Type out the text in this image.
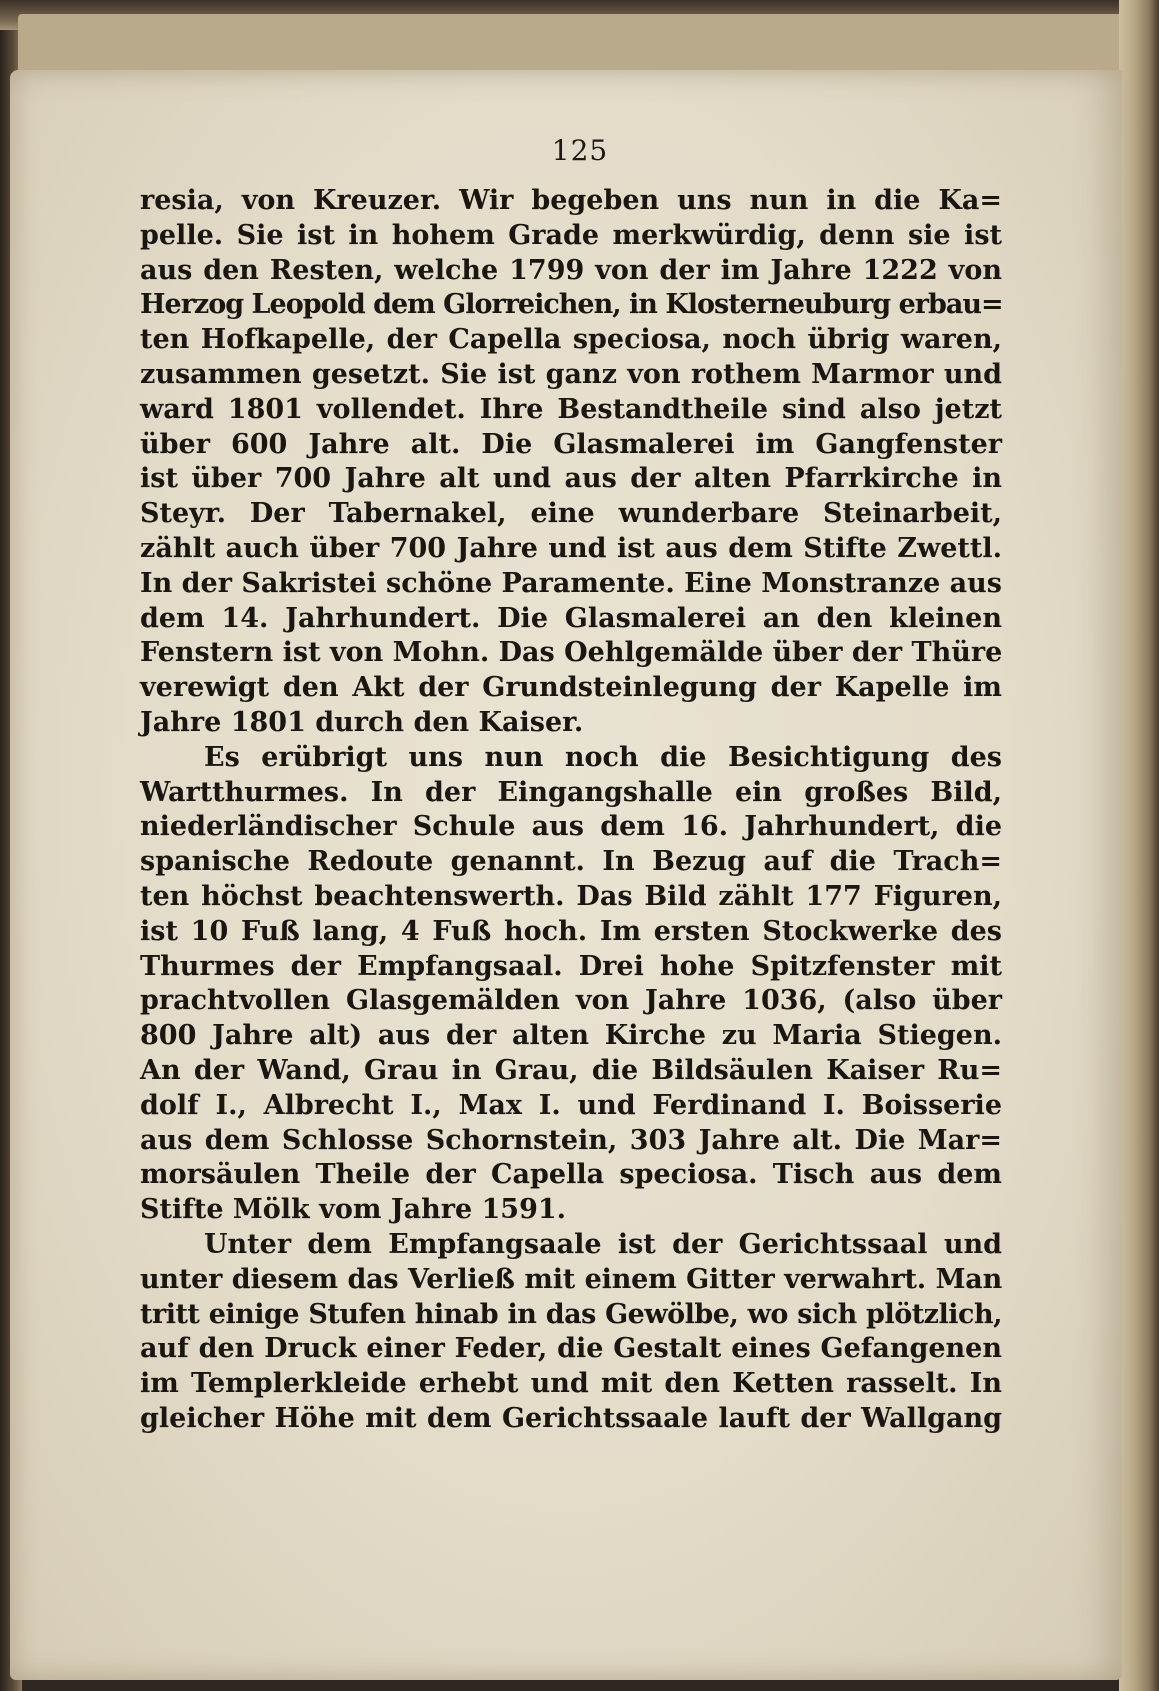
125
resia, von Kreuzer. Wir begeben uns nun in die Ka=
pelle. Sie ist in hohem Grade merkwürdig, denn sie ist
aus den Resten, welche 1799 von der im Jahre 1222 von
Herzog Leopold dem Glorreichen, in Klosterneuburg erbau=
ten Hofkapelle, der Capella speciosa, noch übrig waren,
zusammen gesetzt. Sie ist ganz von rothem Marmor und
ward 1801 vollendet. Ihre Bestandtheile sind also jetzt
über 600 Jahre alt. Die Glasmalerei im Gangfenster
ist über 700 Jahre alt und aus der alten Pfarrkirche in
Steyr. Der Tabernakel, eine wunderbare Steinarbeit,
zählt auch über 700 Jahre und ist aus dem Stifte Zwettl.
In der Sakristei schöne Paramente. Eine Monstranze aus
dem 14. Jahrhundert. Die Glasmalerei an den kleinen
Fenstern ist von Mohn. Das Oehlgemälde über der Thüre
verewigt den Akt der Grundsteinlegung der Kapelle im
Jahre 1801 durch den Kaiser.
Es erübrigt uns nun noch die Besichtigung des
Wartthurmes. In der Eingangshalle ein großes Bild,
niederländischer Schule aus dem 16. Jahrhundert, die
spanische Redoute genannt. In Bezug auf die Trach=
ten höchst beachtenswerth. Das Bild zählt 177 Figuren,
ist 10 Fuß lang, 4 Fuß hoch. Im ersten Stockwerke des
Thurmes der Empfangsaal. Drei hohe Spitzfenster mit
prachtvollen Glasgemälden von Jahre 1036, (also über
800 Jahre alt) aus der alten Kirche zu Maria Stiegen.
An der Wand, Grau in Grau, die Bildsäulen Kaiser Ru=
dolf I., Albrecht I., Max I. und Ferdinand I. Boisserie
aus dem Schlosse Schornstein, 303 Jahre alt. Die Mar=
morsäulen Theile der Capella speciosa. Tisch aus dem
Stifte Mölk vom Jahre 1591.
Unter dem Empfangsaale ist der Gerichtssaal und
unter diesem das Verließ mit einem Gitter verwahrt. Man
tritt einige Stufen hinab in das Gewölbe, wo sich plötzlich,
auf den Druck einer Feder, die Gestalt eines Gefangenen
im Templerkleide erhebt und mit den Ketten rasselt. In
gleicher Höhe mit dem Gerichtssaale lauft der Wallgang
